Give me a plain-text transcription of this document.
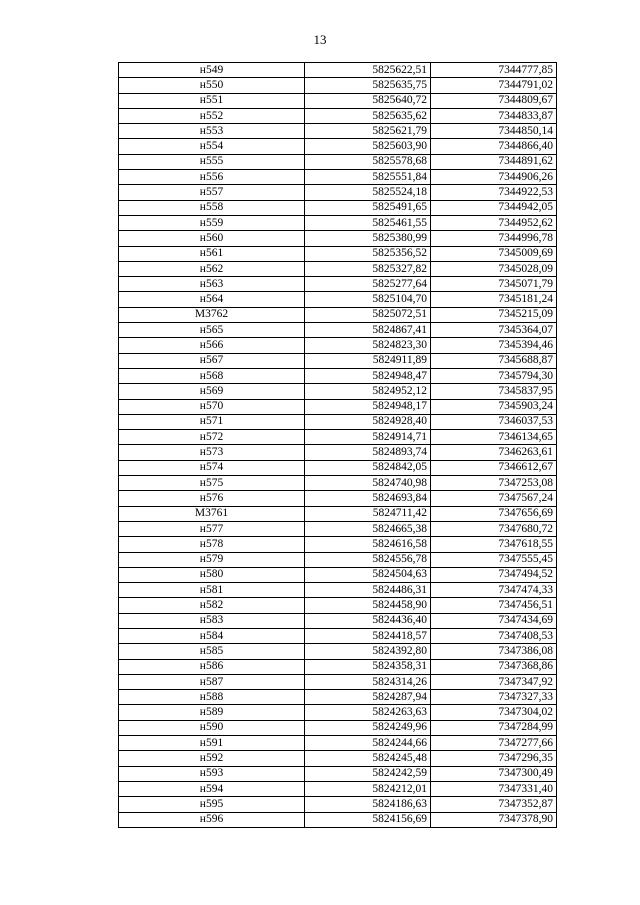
13
н549	5825622,51	7344777,85
н550	5825635,75	7344791,02
н551	5825640,72	7344809,67
н552	5825635,62	7344833,87
н553	5825621,79	7344850,14
н554	5825603,90	7344866,40
н555	5825578,68	7344891,62
н556	5825551,84	7344906,26
н557	5825524,18	7344922,53
н558	5825491,65	7344942,05
н559	5825461,55	7344952,62
н560	5825380,99	7344996,78
н561	5825356,52	7345009,69
н562	5825327,82	7345028,09
н563	5825277,64	7345071,79
н564	5825104,70	7345181,24
М3762	5825072,51	7345215,09
н565	5824867,41	7345364,07
н566	5824823,30	7345394,46
н567	5824911,89	7345688,87
н568	5824948,47	7345794,30
н569	5824952,12	7345837,95
н570	5824948,17	7345903,24
н571	5824928,40	7346037,53
н572	5824914,71	7346134,65
н573	5824893,74	7346263,61
н574	5824842,05	7346612,67
н575	5824740,98	7347253,08
н576	5824693,84	7347567,24
М3761	5824711,42	7347656,69
н577	5824665,38	7347680,72
н578	5824616,58	7347618,55
н579	5824556,78	7347555,45
н580	5824504,63	7347494,52
н581	5824486,31	7347474,33
н582	5824458,90	7347456,51
н583	5824436,40	7347434,69
н584	5824418,57	7347408,53
н585	5824392,80	7347386,08
н586	5824358,31	7347368,86
н587	5824314,26	7347347,92
н588	5824287,94	7347327,33
н589	5824263,63	7347304,02
н590	5824249,96	7347284,99
н591	5824244,66	7347277,66
н592	5824245,48	7347296,35
н593	5824242,59	7347300,49
н594	5824212,01	7347331,40
н595	5824186,63	7347352,87
н596	5824156,69	7347378,90
